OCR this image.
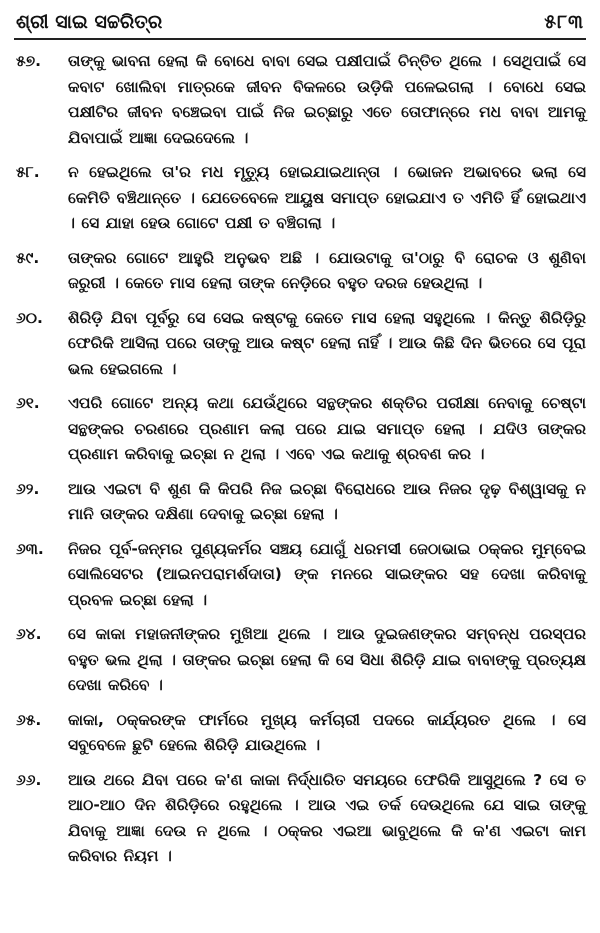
ଶ୍ରୀ ସାଇ ସଚ୍ଚରିତ୍ର	୫୮୩
୫୭.	ତାଙ୍କୁ ଭାବନା ହେଲା କି ବୋଧେ ବାବା ସେଇ ପକ୍ଷୀପାଇଁ ଚିନ୍ତିତ ଥିଲେ । ସେଥିପାଇଁ ସେ କବାଟ ଖୋଲିବା ମାତ୍ରକେ ଜୀବନ ବିକଳରେ ଉଡ଼ିକି ପଳେଇଗଲା । ବୋଧେ ସେଇ ପକ୍ଷୀଟିର ଜୀବନ ବଞ୍ଚେଇବା ପାଇଁ ନିଜ ଇଚ୍ଛାରୁ ଏତେ ତୋଫାନ୍‌ରେ ମଧ ବାବା ଆମକୁ ଯିବାପାଇଁ ଆଜ୍ଞା ଦେଇଦେଲେ ।
୫୮.	ନ ହେଇଥିଲେ ତା'ର ମଧ ମୃତ୍ୟୁ ହୋଇଯାଇଥାନ୍ତା । ଭୋଜନ ଅଭାବରେ ଭଲା ସେ କେମିତି ବଞ୍ଚିଥାନ୍ତେ । ଯେତେବେଳେ ଆୟୁଷ ସମାପ୍ତ ହୋଇଯାଏ ତ ଏମିତି ହିଁ ହୋଇଥାଏ । ସେ ଯାହା ହେଉ ଗୋଟେ ପକ୍ଷୀ ତ ବଞ୍ଚିଗଲା ।
୫୯.	ତାଙ୍କର ଗୋଟେ ଆହୁରି ଅନୁଭବ ଅଛି । ଯୋଉଟାକୁ ତା'ଠାରୁ ବି ରୋଚକ ଓ ଶୁଣିବା ଜରୁରୀ । କେତେ ମାସ ହେଲା ତାଙ୍କ ନେଡ଼ିରେ ବହୁତ ଦରଜ ହେଉଥିଲା ।
୬୦.	ଶିରିଡ଼ି ଯିବା ପୂର୍ବରୁ ସେ ସେଇ କଷ୍ଟକୁ କେତେ ମାସ ହେଲା ସହୁଥିଲେ । କିନ୍ତୁ ଶିରିଡ଼ିରୁ ଫେରିକି ଆସିଲା ପରେ ତାଙ୍କୁ ଆଉ କଷ୍ଟ ହେଲା ନାହିଁ । ଆଉ କିଛି ଦିନ ଭିତରେ ସେ ପୂରା ଭଲ ହେଇଗଲେ ।
୬୧.	ଏପରି ଗୋଟେ ଅନ୍ୟ କଥା ଯେଉଁଥିରେ ସନ୍ଥଙ୍କର ଶକ୍ତିର ପରୀକ୍ଷା ନେବାକୁ ଚେଷ୍ଟା ସନ୍ଥଙ୍କର ଚରଣରେ ପ୍ରଣାମ କଲା ପରେ ଯାଇ ସମାପ୍ତ ହେଲା । ଯଦିଓ ତାଙ୍କର ପ୍ରଣାମ କରିବାକୁ ଇଚ୍ଛା ନ ଥିଲା । ଏବେ ଏଇ କଥାକୁ ଶ୍ରବଣ କର ।
୬୨.	ଆଉ ଏଇଟା ବି ଶୁଣ କି କିପରି ନିଜ ଇଚ୍ଛା ବିରୋଧରେ ଆଉ ନିଜର ଦୃଢ଼ ବିଶ୍ୱାସକୁ ନ ମାନି ତାଙ୍କର ଦକ୍ଷିଣା ଦେବାକୁ ଇଚ୍ଛା ହେଲା ।
୬୩.	ନିଜର ପୂର୍ବ-ଜନ୍ମର ପୁଣ୍ୟକର୍ମର ସଞ୍ଚୟ ଯୋଗୁଁ ଧରମସୀ ଜେଠାଭାଇ ଠକ୍କର ମୁମ୍ବେଇ ସୋଲିସେଟର (ଆଇନପରାମର୍ଶଦାତା) ଙ୍କ ମନରେ ସାଇଙ୍କର ସହ ଦେଖା କରିବାକୁ ପ୍ରବଳ ଇଚ୍ଛା ହେଲା ।
୬୪.	ସେ କାକା ମହାଜନୀଙ୍କର ମୁଖିଆ ଥିଲେ । ଆଉ ଦୁଇଜଣଙ୍କର ସମ୍ବନ୍ଧ ପରସ୍ପର ବହୁତ ଭଲ ଥିଲା । ତାଙ୍କର ଇଚ୍ଛା ହେଲା କି ସେ ସିଧା ଶିରିଡ଼ି ଯାଇ ବାବାଙ୍କୁ ପ୍ରତ୍ୟକ୍ଷ ଦେଖା କରିବେ ।
୬୫.	କାକା, ଠକ୍କରଙ୍କ ଫାର୍ମରେ ମୁଖ୍ୟ କର୍ମଚାରୀ ପଦରେ କାର୍ଯ୍ୟରତ ଥିଲେ । ସେ ସବୁବେଳେ ଛୁଟି ହେଲେ ଶିରିଡ଼ି ଯାଉଥିଲେ ।
୬୬.	ଆଉ ଥରେ ଯିବା ପରେ କ'ଣ କାକା ନିର୍ଦ୍ଧାରିତ ସମୟରେ ଫେରିକି ଆସୁଥିଲେ ? ସେ ତ ଆଠ-ଆଠ ଦିନ ଶିରିଡ଼ିରେ ରହୁଥିଲେ । ଆଉ ଏଇ ତର୍କ ଦେଉଥିଲେ ଯେ ସାଇ ତାଙ୍କୁ ଯିବାକୁ ଆଜ୍ଞା ଦେଉ ନ ଥିଲେ । ଠକ୍କର ଏଇଆ ଭାବୁଥିଲେ କି କ'ଣ ଏଇଟା କାମ କରିବାର ନିୟମ ।
